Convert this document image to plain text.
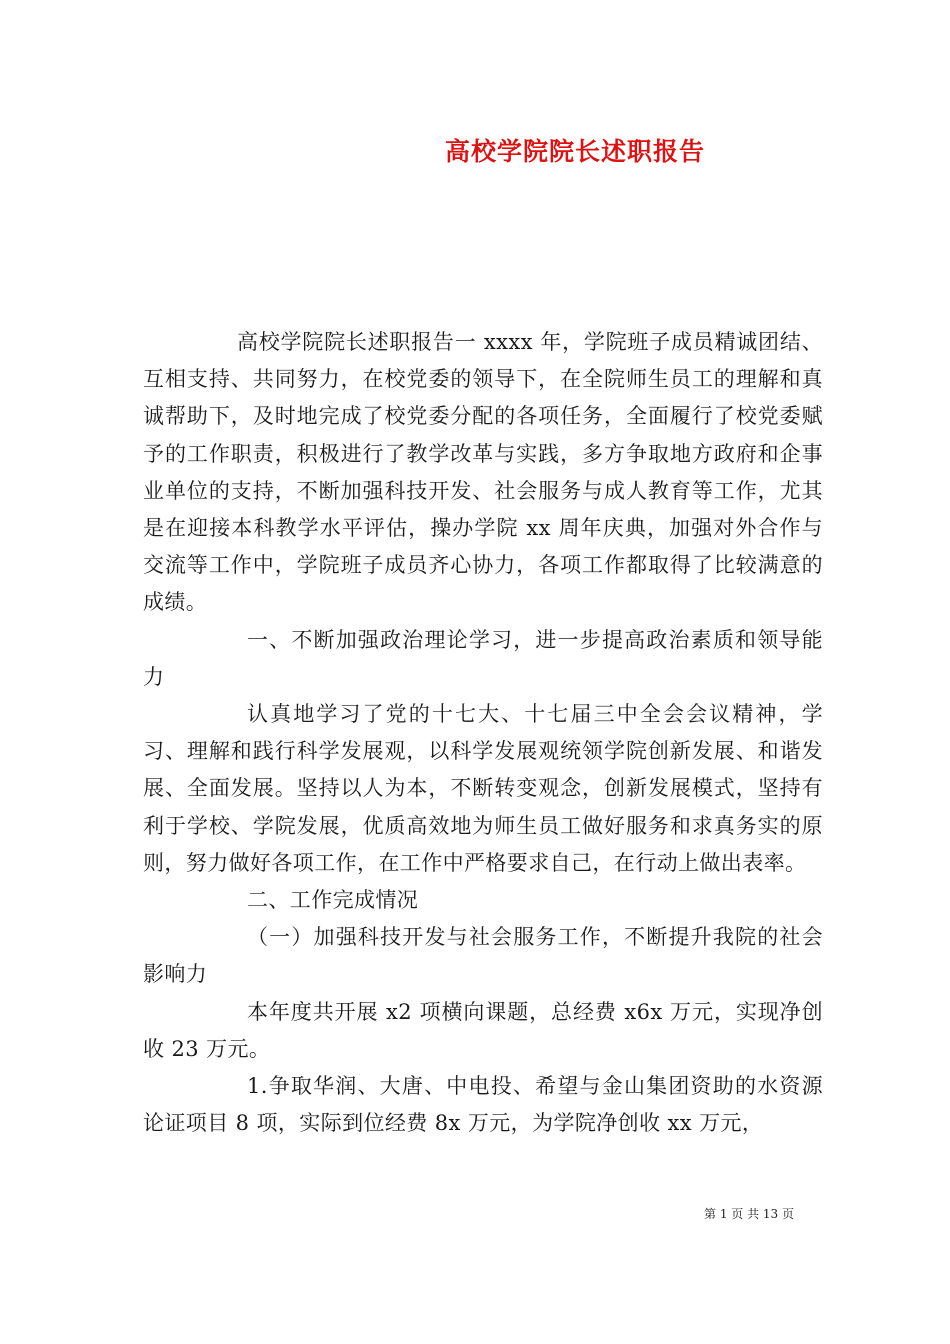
高校学院院长述职报告

高校学院院长述职报告一 xxxx 年，学院班子成员精诚团结、互相支持、共同努力，在校党委的领导下，在全院师生员工的理解和真诚帮助下，及时地完成了校党委分配的各项任务，全面履行了校党委赋予的工作职责，积极进行了教学改革与实践，多方争取地方政府和企事业单位的支持，不断加强科技开发、社会服务与成人教育等工作，尤其是在迎接本科教学水平评估，操办学院 xx 周年庆典，加强对外合作与交流等工作中，学院班子成员齐心协力，各项工作都取得了比较满意的成绩。

一、不断加强政治理论学习，进一步提高政治素质和领导能力

认真地学习了党的十七大、十七届三中全会会议精神，学习、理解和践行科学发展观，以科学发展观统领学院创新发展、和谐发展、全面发展。坚持以人为本，不断转变观念，创新发展模式，坚持有利于学校、学院发展，优质高效地为师生员工做好服务和求真务实的原则，努力做好各项工作，在工作中严格要求自己，在行动上做出表率。

二、工作完成情况

（一）加强科技开发与社会服务工作，不断提升我院的社会影响力

本年度共开展 x2 项横向课题，总经费 x6x 万元，实现净创收 23 万元。

1.争取华润、大唐、中电投、希望与金山集团资助的水资源论证项目 8 项，实际到位经费 8x 万元，为学院净创收 xx 万元，

第 1 页 共 13 页
